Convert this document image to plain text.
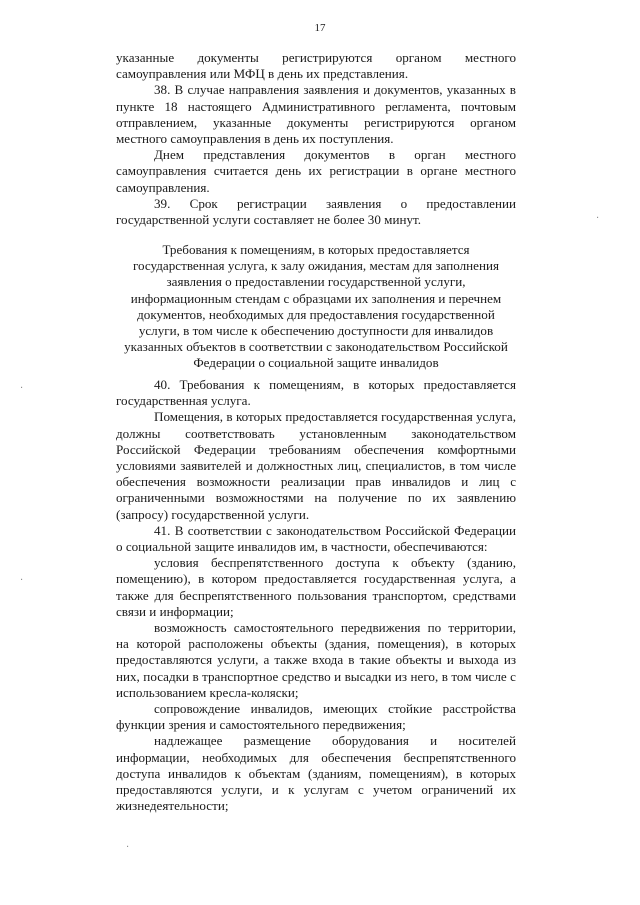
17

указанные документы регистрируются органом местного самоуправления или МФЦ в день их представления.

38. В случае направления заявления и документов, указанных в пункте 18 настоящего Административного регламента, почтовым отправлением, указанные документы регистрируются органом местного самоуправления в день их поступления.

Днем представления документов в орган местного самоуправления считается день их регистрации в органе местного самоуправления.

39. Срок регистрации заявления о предоставлении государственной услуги составляет не более 30 минут.

Требования к помещениям, в которых предоставляется государственная услуга, к залу ожидания, местам для заполнения заявления о предоставлении государственной услуги, информационным стендам с образцами их заполнения и перечнем документов, необходимых для предоставления государственной услуги, в том числе к обеспечению доступности для инвалидов указанных объектов в соответствии с законодательством Российской Федерации о социальной защите инвалидов

40. Требования к помещениям, в которых предоставляется государственная услуга.

Помещения, в которых предоставляется государственная услуга, должны соответствовать установленным законодательством Российской Федерации требованиям обеспечения комфортными условиями заявителей и должностных лиц, специалистов, в том числе обеспечения возможности реализации прав инвалидов и лиц с ограниченными возможностями на получение по их заявлению (запросу) государственной услуги.

41. В соответствии с законодательством Российской Федерации о социальной защите инвалидов им, в частности, обеспечиваются:

условия беспрепятственного доступа к объекту (зданию, помещению), в котором предоставляется государственная услуга, а также для беспрепятственного пользования транспортом, средствами связи и информации;

возможность самостоятельного передвижения по территории, на которой расположены объекты (здания, помещения), в которых предоставляются услуги, а также входа в такие объекты и выхода из них, посадки в транспортное средство и высадки из него, в том числе с использованием кресла-коляски;

сопровождение инвалидов, имеющих стойкие расстройства функции зрения и самостоятельного передвижения;

надлежащее размещение оборудования и носителей информации, необходимых для обеспечения беспрепятственного доступа инвалидов к объектам (зданиям, помещениям), в которых предоставляются услуги, и к услугам с учетом ограничений их жизнедеятельности;

·
·
·
·
